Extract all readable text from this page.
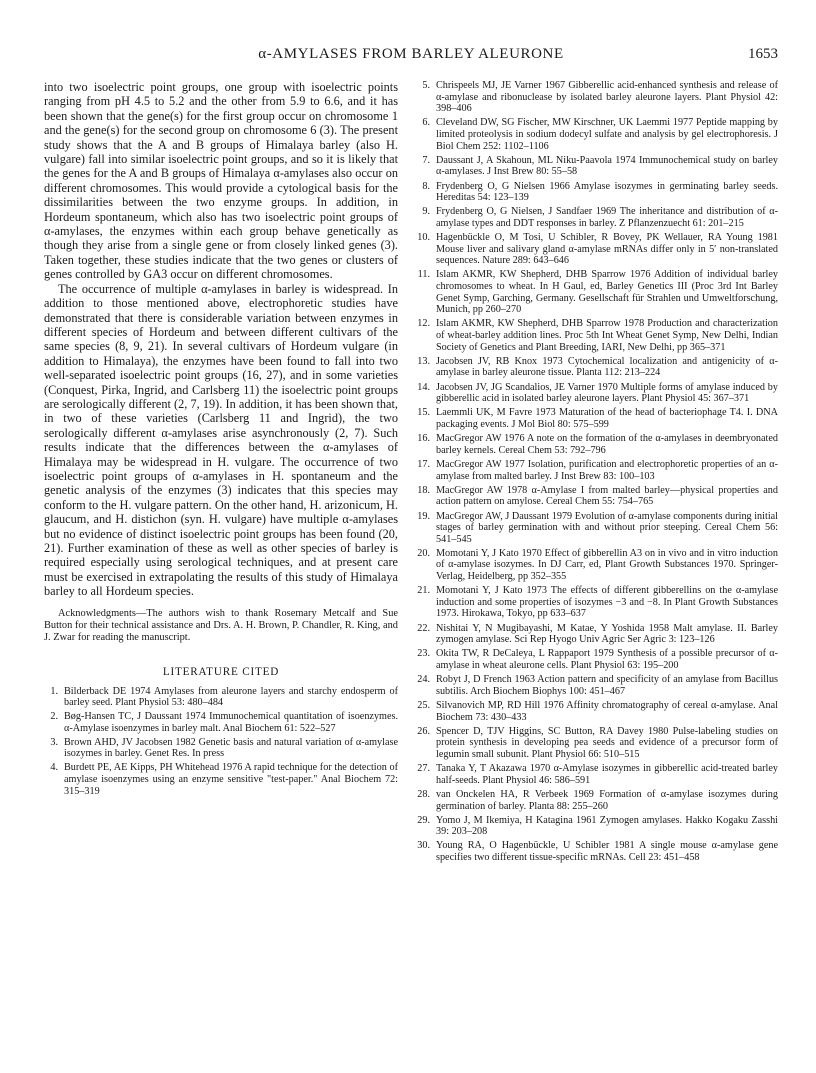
α-AMYLASES FROM BARLEY ALEURONE	1653

into two isoelectric point groups, one group with isoelectric points ranging from pH 4.5 to 5.2 and the other from 5.9 to 6.6, and it has been shown that the gene(s) for the first group occur on chromosome 1 and the gene(s) for the second group on chromosome 6 (3). The present study shows that the A and B groups of Himalaya barley (also H. vulgare) fall into similar isoelectric point groups, and so it is likely that the genes for the A and B groups of Himalaya α-amylases also occur on different chromosomes. This would provide a cytological basis for the dissimilarities between the two enzyme groups. In addition, in Hordeum spontaneum, which also has two isoelectric point groups of α-amylases, the enzymes within each group behave genetically as though they arise from a single gene or from closely linked genes (3). Taken together, these studies indicate that the two genes or clusters of genes controlled by GA3 occur on different chromosomes.

The occurrence of multiple α-amylases in barley is widespread. In addition to those mentioned above, electrophoretic studies have demonstrated that there is considerable variation between enzymes in different species of Hordeum and between different cultivars of the same species (8, 9, 21). In several cultivars of Hordeum vulgare (in addition to Himalaya), the enzymes have been found to fall into two well-separated isoelectric point groups (16, 27), and in some varieties (Conquest, Pirka, Ingrid, and Carlsberg 11) the isoelectric point groups are serologically different (2, 7, 19). In addition, it has been shown that, in two of these varieties (Carlsberg 11 and Ingrid), the two serologically different α-amylases arise asynchronously (2, 7). Such results indicate that the differences between the α-amylases of Himalaya may be widespread in H. vulgare. The occurrence of two isoelectric point groups of α-amylases in H. spontaneum and the genetic analysis of the enzymes (3) indicates that this species may conform to the H. vulgare pattern. On the other hand, H. arizonicum, H. glaucum, and H. distichon (syn. H. vulgare) have multiple α-amylases but no evidence of distinct isoelectric point groups has been found (20, 21). Further examination of these as well as other species of barley is required especially using serological techniques, and at present care must be exercised in extrapolating the results of this study of Himalaya barley to all Hordeum species.

Acknowledgments—The authors wish to thank Rosemary Metcalf and Sue Button for their technical assistance and Drs. A. H. Brown, P. Chandler, R. King, and J. Zwar for reading the manuscript.

LITERATURE CITED
1. Bilderback DE 1974 Amylases from aleurone layers and starchy endosperm of barley seed. Plant Physiol 53: 480–484
2. Bøg-Hansen TC, J Daussant 1974 Immunochemical quantitation of isoenzymes. α-Amylase isoenzymes in barley malt. Anal Biochem 61: 522–527
3. Brown AHD, JV Jacobsen 1982 Genetic basis and natural variation of α-amylase isozymes in barley. Genet Res. In press
4. Burdett PE, AE Kipps, PH Whitehead 1976 A rapid technique for the detection of amylase isoenzymes using an enzyme sensitive "test-paper." Anal Biochem 72: 315–319
5. Chrispeels MJ, JE Varner 1967 Gibberellic acid-enhanced synthesis and release of α-amylase and ribonuclease by isolated barley aleurone layers. Plant Physiol 42: 398–406
6. Cleveland DW, SG Fischer, MW Kirschner, UK Laemmi 1977 Peptide mapping by limited proteolysis in sodium dodecyl sulfate and analysis by gel electrophoresis. J Biol Chem 252: 1102–1106
7. Daussant J, A Skahoun, ML Niku-Paavola 1974 Immunochemical study on barley α-amylases. J Inst Brew 80: 55–58
8. Frydenberg O, G Nielsen 1966 Amylase isozymes in germinating barley seeds. Hereditas 54: 123–139
9. Frydenberg O, G Nielsen, J Sandfaer 1969 The inheritance and distribution of α-amylase types and DDT responses in barley. Z Pflanzenzuecht 61: 201–215
10. Hagenbückle O, M Tosi, U Schibler, R Bovey, PK Wellauer, RA Young 1981 Mouse liver and salivary gland α-amylase mRNAs differ only in 5′ non-translated sequences. Nature 289: 643–646
11. Islam AKMR, KW Shepherd, DHB Sparrow 1976 Addition of individual barley chromosomes to wheat. In H Gaul, ed, Barley Genetics III (Proc 3rd Int Barley Genet Symp, Garching, Germany. Gesellschaft für Strahlen und Umweltforschung, Munich, pp 260–270
12. Islam AKMR, KW Shepherd, DHB Sparrow 1978 Production and characterization of wheat-barley addition lines. Proc 5th Int Wheat Genet Symp, New Delhi, Indian Society of Genetics and Plant Breeding, IARI, New Delhi, pp 365–371
13. Jacobsen JV, RB Knox 1973 Cytochemical localization and antigenicity of α-amylase in barley aleurone tissue. Planta 112: 213–224
14. Jacobsen JV, JG Scandalios, JE Varner 1970 Multiple forms of amylase induced by gibberellic acid in isolated barley aleurone layers. Plant Physiol 45: 367–371
15. Laemmli UK, M Favre 1973 Maturation of the head of bacteriophage T4. I. DNA packaging events. J Mol Biol 80: 575–599
16. MacGregor AW 1976 A note on the formation of the α-amylases in deembryonated barley kernels. Cereal Chem 53: 792–796
17. MacGregor AW 1977 Isolation, purification and electrophoretic properties of an α-amylase from malted barley. J Inst Brew 83: 100–103
18. MacGregor AW 1978 α-Amylase I from malted barley—physical properties and action pattern on amylose. Cereal Chem 55: 754–765
19. MacGregor AW, J Daussant 1979 Evolution of α-amylase components during initial stages of barley germination with and without prior steeping. Cereal Chem 56: 541–545
20. Momotani Y, J Kato 1970 Effect of gibberellin A3 on in vivo and in vitro induction of α-amylase isozymes. In DJ Carr, ed, Plant Growth Substances 1970. Springer-Verlag, Heidelberg, pp 352–355
21. Momotani Y, J Kato 1973 The effects of different gibberellins on the α-amylase induction and some properties of isozymes −3 and −8. In Plant Growth Substances 1973. Hirokawa, Tokyo, pp 633–637
22. Nishitai Y, N Mugibayashi, M Katae, Y Yoshida 1958 Malt amylase. II. Barley zymogen amylase. Sci Rep Hyogo Univ Agric Ser Agric 3: 123–126
23. Okita TW, R DeCaleya, L Rappaport 1979 Synthesis of a possible precursor of α-amylase in wheat aleurone cells. Plant Physiol 63: 195–200
24. Robyt J, D French 1963 Action pattern and specificity of an amylase from Bacillus subtilis. Arch Biochem Biophys 100: 451–467
25. Silvanovich MP, RD Hill 1976 Affinity chromatography of cereal α-amylase. Anal Biochem 73: 430–433
26. Spencer D, TJV Higgins, SC Button, RA Davey 1980 Pulse-labeling studies on protein synthesis in developing pea seeds and evidence of a precursor form of legumin small subunit. Plant Physiol 66: 510–515
27. Tanaka Y, T Akazawa 1970 α-Amylase isozymes in gibberellic acid-treated barley half-seeds. Plant Physiol 46: 586–591
28. van Onckelen HA, R Verbeek 1969 Formation of α-amylase isozymes during germination of barley. Planta 88: 255–260
29. Yomo J, M Ikemiya, H Katagina 1961 Zymogen amylases. Hakko Kogaku Zasshi 39: 203–208
30. Young RA, O Hagenbückle, U Schibler 1981 A single mouse α-amylase gene specifies two different tissue-specific mRNAs. Cell 23: 451–458
